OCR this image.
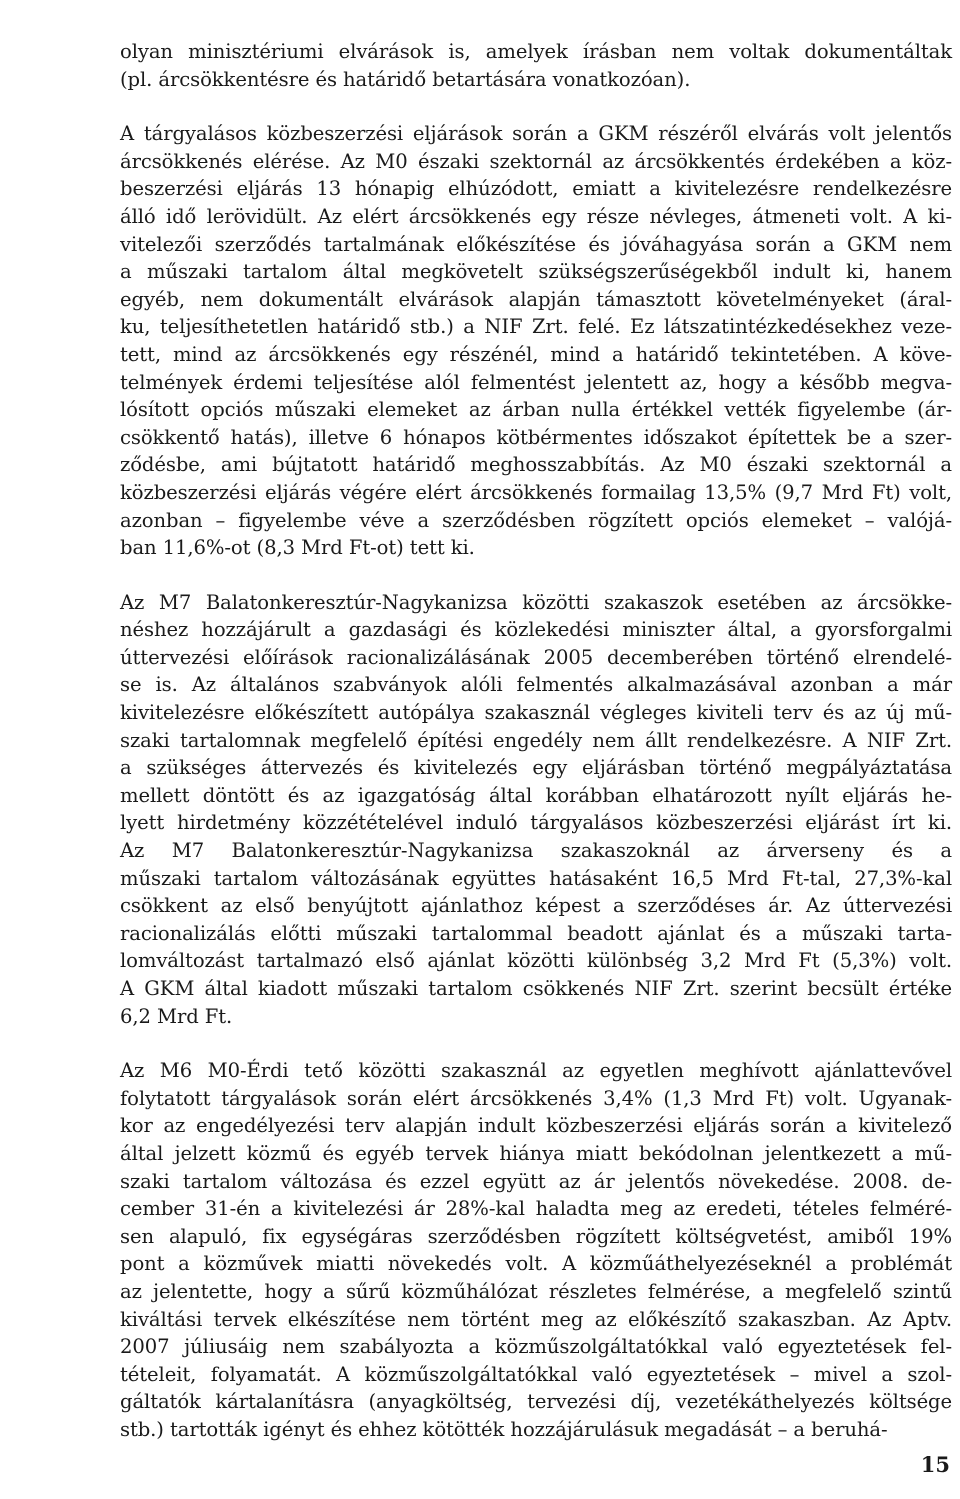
olyan minisztériumi elvárások is, amelyek írásban nem voltak dokumentáltak
(pl. árcsökkentésre és határidő betartására vonatkozóan).
A tárgyalásos közbeszerzési eljárások során a GKM részéről elvárás volt jelentős
árcsökkenés elérése. Az M0 északi szektornál az árcsökkentés érdekében a köz-
beszerzési eljárás 13 hónapig elhúzódott, emiatt a kivitelezésre rendelkezésre
álló idő lerövidült. Az elért árcsökkenés egy része névleges, átmeneti volt. A ki-
vitelezői szerződés tartalmának előkészítése és jóváhagyása során a GKM nem
a műszaki tartalom által megkövetelt szükségszerűségekből indult ki, hanem
egyéb, nem dokumentált elvárások alapján támasztott követelményeket (áral-
ku, teljesíthetetlen határidő stb.) a NIF Zrt. felé. Ez látszatintézkedésekhez veze-
tett, mind az árcsökkenés egy részénél, mind a határidő tekintetében. A köve-
telmények érdemi teljesítése alól felmentést jelentett az, hogy a később megva-
lósított opciós műszaki elemeket az árban nulla értékkel vették figyelembe (ár-
csökkentő hatás), illetve 6 hónapos kötbérmentes időszakot építettek be a szer-
ződésbe, ami bújtatott határidő meghosszabbítás. Az M0 északi szektornál a
közbeszerzési eljárás végére elért árcsökkenés formailag 13,5% (9,7 Mrd Ft) volt,
azonban – figyelembe véve a szerződésben rögzített opciós elemeket – valójá-
ban 11,6%-ot (8,3 Mrd Ft-ot) tett ki.
Az M7 Balatonkeresztúr-Nagykanizsa közötti szakaszok esetében az árcsökke-
néshez hozzájárult a gazdasági és közlekedési miniszter által, a gyorsforgalmi
úttervezési előírások racionalizálásának 2005 decemberében történő elrendelé-
se is. Az általános szabványok alóli felmentés alkalmazásával azonban a már
kivitelezésre előkészített autópálya szakasznál végleges kiviteli terv és az új mű-
szaki tartalomnak megfelelő építési engedély nem állt rendelkezésre. A NIF Zrt.
a szükséges áttervezés és kivitelezés egy eljárásban történő megpályáztatása
mellett döntött és az igazgatóság által korábban elhatározott nyílt eljárás he-
lyett hirdetmény közzétételével induló tárgyalásos közbeszerzési eljárást írt ki.
Az M7 Balatonkeresztúr-Nagykanizsa szakaszoknál az árverseny és a
műszaki tartalom változásának együttes hatásaként 16,5 Mrd Ft-tal, 27,3%-kal
csökkent az első benyújtott ajánlathoz képest a szerződéses ár. Az úttervezési
racionalizálás előtti műszaki tartalommal beadott ajánlat és a műszaki tarta-
lomváltozást tartalmazó első ajánlat közötti különbség 3,2 Mrd Ft (5,3%) volt.
A GKM által kiadott műszaki tartalom csökkenés NIF Zrt. szerint becsült értéke
6,2 Mrd Ft.
Az M6 M0-Érdi tető közötti szakasznál az egyetlen meghívott ajánlattevővel
folytatott tárgyalások során elért árcsökkenés 3,4% (1,3 Mrd Ft) volt. Ugyanak-
kor az engedélyezési terv alapján indult közbeszerzési eljárás során a kivitelező
által jelzett közmű és egyéb tervek hiánya miatt bekódolnan jelentkezett a mű-
szaki tartalom változása és ezzel együtt az ár jelentős növekedése. 2008. de-
cember 31-én a kivitelezési ár 28%-kal haladta meg az eredeti, tételes felméré-
sen alapuló, fix egységáras szerződésben rögzített költségvetést, amiből 19%
pont a közművek miatti növekedés volt. A közműáthelyezéseknél a problémát
az jelentette, hogy a sűrű közműhálózat részletes felmérése, a megfelelő szintű
kiváltási tervek elkészítése nem történt meg az előkészítő szakaszban. Az Aptv.
2007 júliusáig nem szabályozta a közműszolgáltatókkal való egyeztetések fel-
tételeit, folyamatát. A közműszolgáltatókkal való egyeztetések – mivel a szol-
gáltatók kártalanításra (anyagköltség, tervezési díj, vezetékáthelyezés költsége
stb.) tartották igényt és ehhez kötötték hozzájárulásuk megadását – a beruhá-
15
